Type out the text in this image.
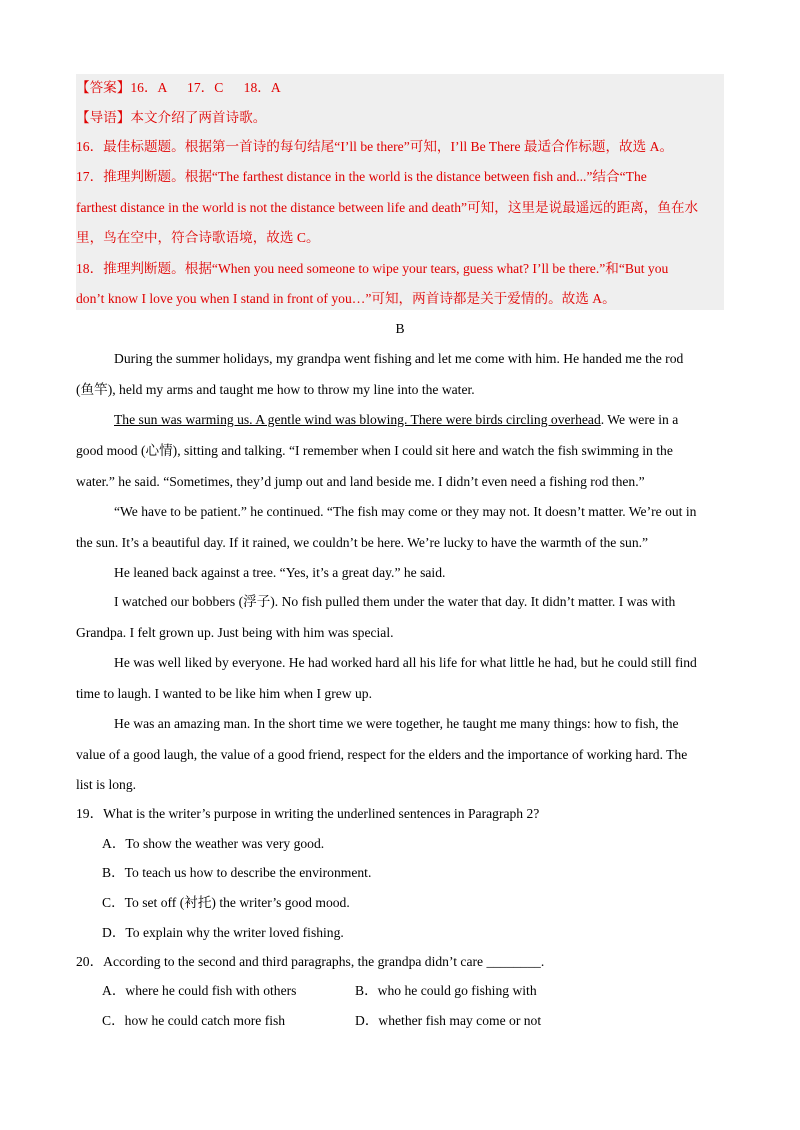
【答案】16．A      17．C      18．A
【导语】本文介绍了两首诗歌。
16．最佳标题题。根据第一首诗的每句结尾“I’ll be there”可知，I’ll Be There 最适合作标题，故选 A。
17．推理判断题。根据“The farthest distance in the world is the distance between fish and...”结合“The
farthest distance in the world is not the distance between life and death”可知，这里是说最遥远的距离，鱼在水
里，鸟在空中，符合诗歌语境，故选 C。
18．推理判断题。根据“When you need someone to wipe your tears, guess what? I’ll be there.”和“But you
don’t know I love you when I stand in front of you…”可知，两首诗都是关于爱情的。故选 A。
B
During the summer holidays, my grandpa went fishing and let me come with him. He handed me the rod
(鱼竿), held my arms and taught me how to throw my line into the water.
The sun was warming us. A gentle wind was blowing. There were birds circling overhead. We were in a
good mood (心情), sitting and talking. “I remember when I could sit here and watch the fish swimming in the
water.” he said. “Sometimes, they’d jump out and land beside me. I didn’t even need a fishing rod then.”
“We have to be patient.” he continued. “The fish may come or they may not. It doesn’t matter. We’re out in
the sun. It’s a beautiful day. If it rained, we couldn’t be here. We’re lucky to have the warmth of the sun.”
He leaned back against a tree. “Yes, it’s a great day.” he said.
I watched our bobbers (浮子). No fish pulled them under the water that day. It didn’t matter. I was with
Grandpa. I felt grown up. Just being with him was special.
He was well liked by everyone. He had worked hard all his life for what little he had, but he could still find
time to laugh. I wanted to be like him when I grew up.
He was an amazing man. In the short time we were together, he taught me many things: how to fish, the
value of a good laugh, the value of a good friend, respect for the elders and the importance of working hard. The
list is long.
19．What is the writer’s purpose in writing the underlined sentences in Paragraph 2?
A．To show the weather was very good.
B．To teach us how to describe the environment.
C．To set off (衬托) the writer’s good mood.
D．To explain why the writer loved fishing.
20．According to the second and third paragraphs, the grandpa didn’t care ________.
A．where he could fish with others	B．who he could go fishing with
C．how he could catch more fish	D．whether fish may come or not
